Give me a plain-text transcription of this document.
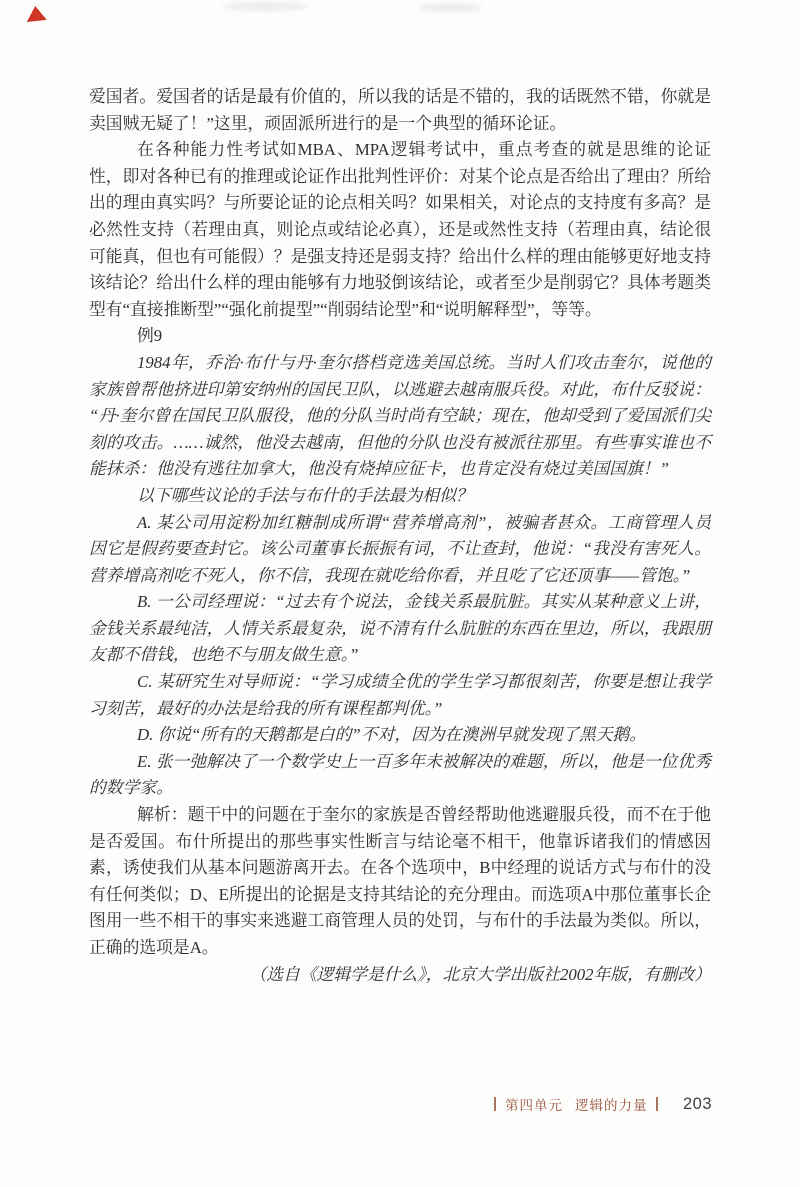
爱国者。爱国者的话是最有价值的，所以我的话是不错的，我的话既然不错，你就是卖国贼无疑了！”这里，顽固派所进行的是一个典型的循环论证。

在各种能力性考试如MBA、MPA逻辑考试中，重点考查的就是思维的论证性，即对各种已有的推理或论证作出批判性评价：对某个论点是否给出了理由？所给出的理由真实吗？与所要论证的论点相关吗？如果相关，对论点的支持度有多高？是必然性支持（若理由真，则论点或结论必真），还是或然性支持（若理由真，结论很可能真，但也有可能假）？是强支持还是弱支持？给出什么样的理由能够更好地支持该结论？给出什么样的理由能够有力地驳倒该结论，或者至少是削弱它？具体考题类型有“直接推断型”“强化前提型”“削弱结论型”和“说明解释型”，等等。

例9

1984年，乔治·布什与丹·奎尔搭档竞选美国总统。当时人们攻击奎尔，说他的家族曾帮他挤进印第安纳州的国民卫队，以逃避去越南服兵役。对此，布什反驳说：“丹·奎尔曾在国民卫队服役，他的分队当时尚有空缺；现在，他却受到了爱国派们尖刻的攻击。……诚然，他没去越南，但他的分队也没有被派往那里。有些事实谁也不能抹杀：他没有逃往加拿大，他没有烧掉应征卡，也肯定没有烧过美国国旗！”

以下哪些议论的手法与布什的手法最为相似？

A. 某公司用淀粉加红糖制成所谓“营养增高剂”，被骗者甚众。工商管理人员因它是假药要查封它。该公司董事长振振有词，不让查封，他说：“我没有害死人。营养增高剂吃不死人，你不信，我现在就吃给你看，并且吃了它还顶事——管饱。”

B. 一公司经理说：“过去有个说法，金钱关系最肮脏。其实从某种意义上讲，金钱关系最纯洁，人情关系最复杂，说不清有什么肮脏的东西在里边，所以，我跟朋友都不借钱，也绝不与朋友做生意。”

C. 某研究生对导师说：“学习成绩全优的学生学习都很刻苦，你要是想让我学习刻苦，最好的办法是给我的所有课程都判优。”

D. 你说“所有的天鹅都是白的”不对，因为在澳洲早就发现了黑天鹅。

E. 张一弛解决了一个数学史上一百多年未被解决的难题，所以，他是一位优秀的数学家。

解析：题干中的问题在于奎尔的家族是否曾经帮助他逃避服兵役，而不在于他是否爱国。布什所提出的那些事实性断言与结论毫不相干，他靠诉诸我们的情感因素，诱使我们从基本问题游离开去。在各个选项中，B中经理的说话方式与布什的没有任何类似；D、E所提出的论据是支持其结论的充分理由。而选项A中那位董事长企图用一些不相干的事实来逃避工商管理人员的处罚，与布什的手法最为类似。所以，正确的选项是A。

（选自《逻辑学是什么》，北京大学出版社2002年版，有删改）

第四单元 逻辑的力量 203
